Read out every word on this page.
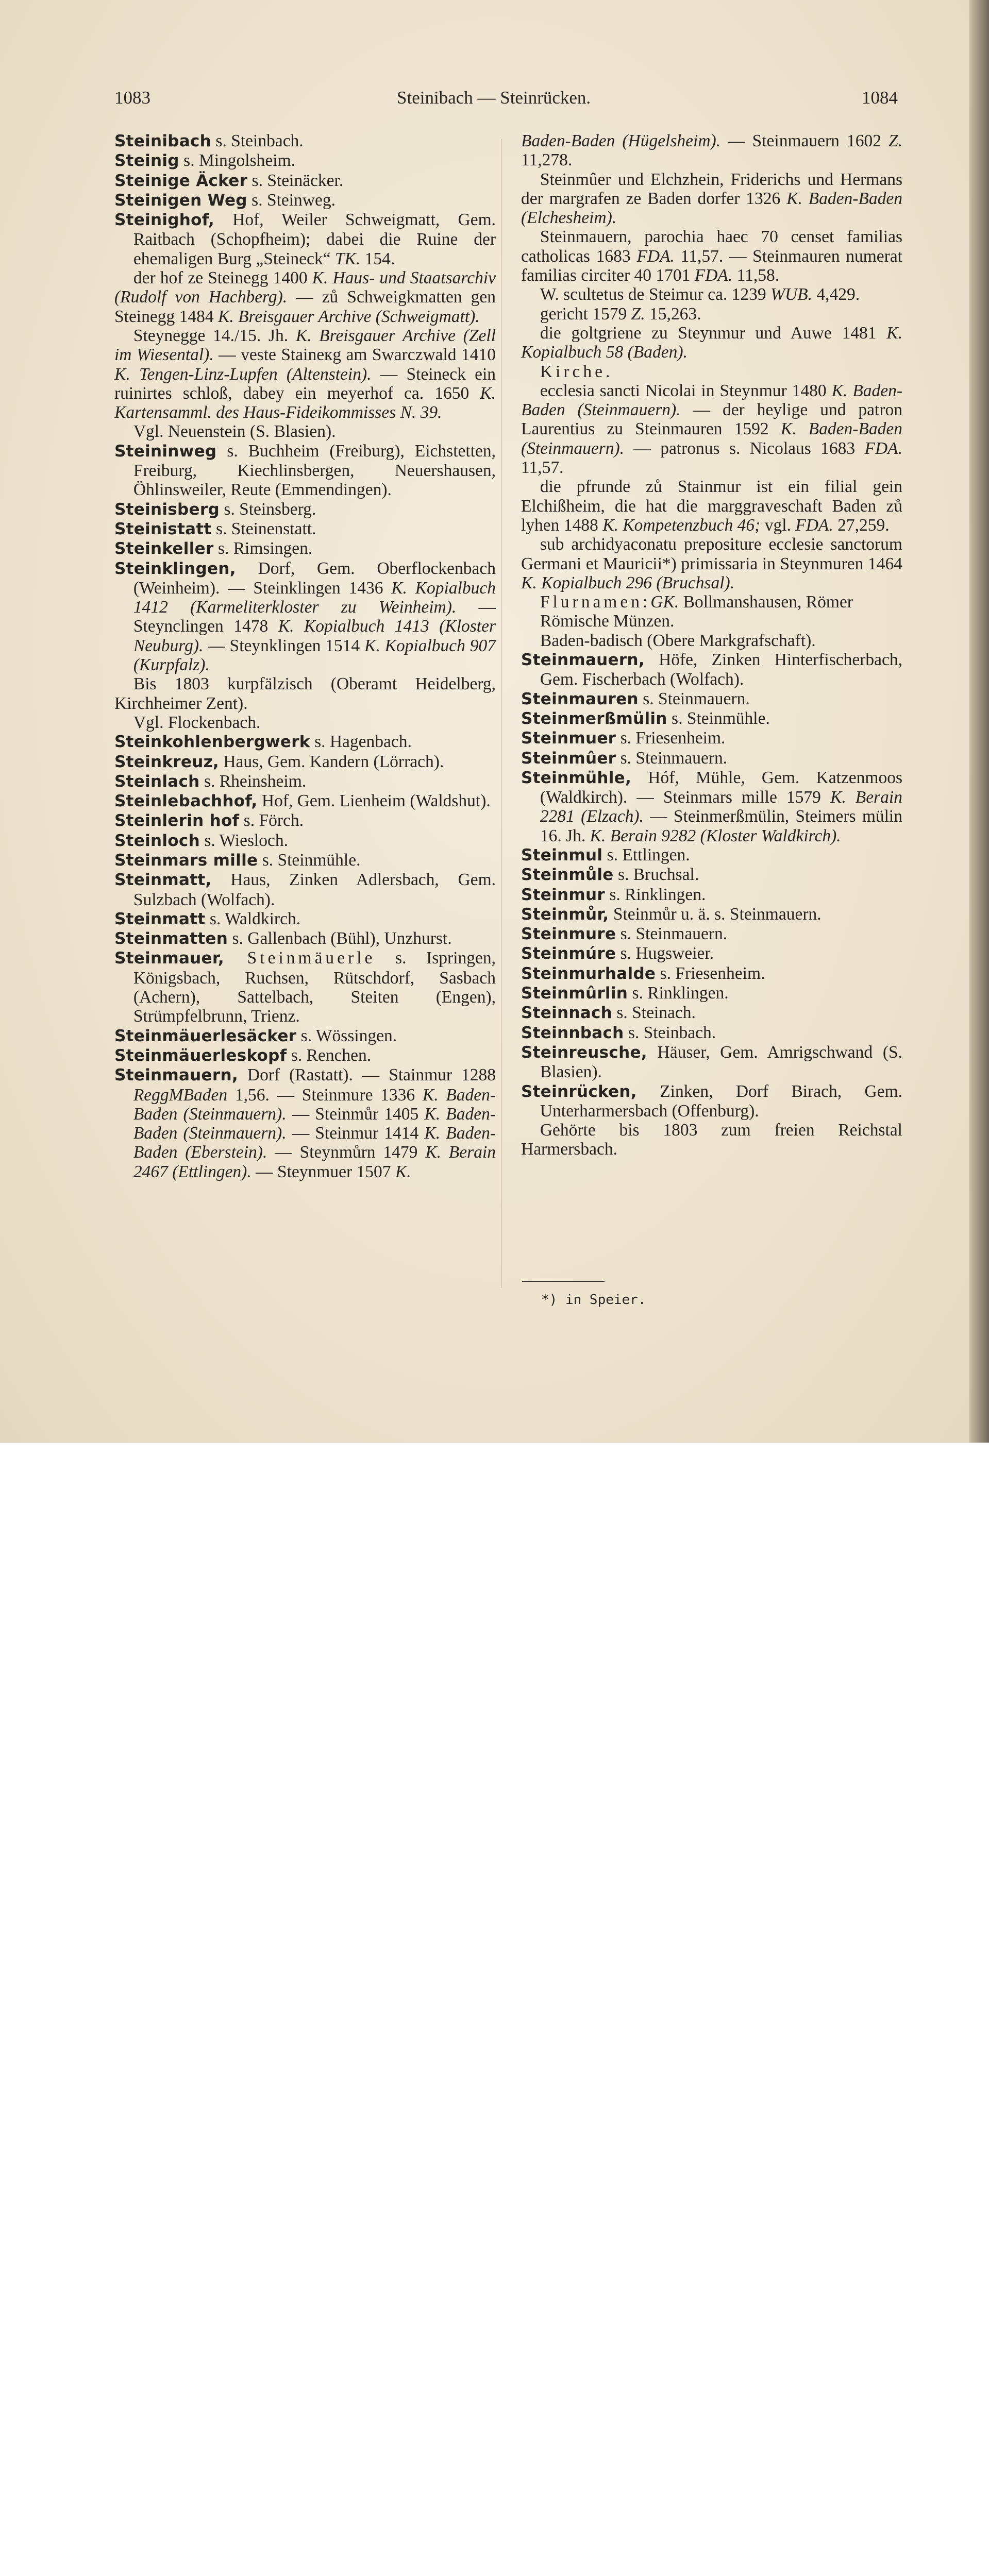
1083	Steinibach — Steinrücken.	1084

Steinibach s. Steinbach.

Steinig s. Mingolsheim.

Steinige Äcker s. Steinäcker.

Steinigen Weg s. Steinweg.

Steinighof, Hof, Weiler Schweigmatt, Gem. Raitbach (Schopfheim); dabei die Ruine der ehemaligen Burg „Steineck“ TK. 154.

der hof ze Steinegg 1400 K. Haus- und Staatsarchiv (Rudolf von Hachberg). — zů Schweigkmatten gen Steinegg 1484 K. Breisgauer Archive (Schweigmatt).

Steynegge 14./15. Jh. K. Breisgauer Archive (Zell im Wiesental). — veste Staineкg am Swarczwald 1410 K. Tengen-Linz-Lupfen (Altenstein). — Steineck ein ruinirtes schloß, dabey ein meyerhof ca. 1650 K. Kartensamml. des Haus-Fideikommisses N. 39.

Vgl. Neuenstein (S. Blasien).

Steininweg s. Buchheim (Freiburg), Eichstetten, Freiburg, Kiechlinsbergen, Neuershausen, Öhlinsweiler, Reute (Emmendingen).

Steinisberg s. Steinsberg.

Steinistatt s. Steinenstatt.

Steinkeller s. Rimsingen.

Steinklingen, Dorf, Gem. Oberflockenbach (Weinheim). — Steinklingen 1436 K. Kopialbuch 1412 (Karmeliterkloster zu Weinheim). — Steynclingen 1478 K. Kopialbuch 1413 (Kloster Neuburg). — Steynklingen 1514 K. Kopialbuch 907 (Kurpfalz).

Bis 1803 kurpfälzisch (Oberamt Heidelberg, Kirchheimer Zent).

Vgl. Flockenbach.

Steinkohlenbergwerk s. Hagenbach.

Steinkreuz, Haus, Gem. Kandern (Lörrach).

Steinlach s. Rheinsheim.

Steinlebachhof, Hof, Gem. Lienheim (Waldshut).

Steinlerin hof s. Förch.

Steinloch s. Wiesloch.

Steinmars mille s. Steinmühle.

Steinmatt, Haus, Zinken Adlersbach, Gem. Sulzbach (Wolfach).

Steinmatt s. Waldkirch.

Steinmatten s. Gallenbach (Bühl), Unzhurst.

Steinmauer, Steinmäuerle s. Ispringen, Königsbach, Ruchsen, Rütschdorf, Sasbach (Achern), Sattelbach, Steiten (Engen), Strümpfelbrunn, Trienz.

Steinmäuerlesäcker s. Wössingen.

Steinmäuerleskopf s. Renchen.

Steinmauern, Dorf (Rastatt). — Stainmur 1288 ReggMBaden 1,56. — Steinmure 1336 K. Baden-Baden (Steinmauern). — Steinmůr 1405 K. Baden-Baden (Steinmauern). — Steinmur 1414 K. Baden-Baden (Eberstein). — Steynmůrn 1479 K. Berain 2467 (Ettlingen). — Steynmuer 1507 K.

Baden-Baden (Hügelsheim). — Steinmauern 1602 Z. 11,278.

Steinmûer und Elchzhein, Friderichs und Hermans der margrafen ze Baden dorfer 1326 K. Baden-Baden (Elchesheim).

Steinmauern, parochia haec 70 censet familias catholicas 1683 FDA. 11,57. — Steinmauren numerat familias circiter 40 1701 FDA. 11,58.

W. scultetus de Steimur ca. 1239 WUB. 4,429.

gericht 1579 Z. 15,263.

die goltgriene zu Steynmur und Auwe 1481 K. Kopialbuch 58 (Baden).

Kirche.

ecclesia sancti Nicolai in Steynmur 1480 K. Baden-Baden (Steinmauern). — der heylige und patron Laurentius zu Steinmauren 1592 K. Baden-Baden (Steinmauern). — patronus s. Nicolaus 1683 FDA. 11,57.

die pfrunde zů Stainmur ist ein filial gein Elchißheim, die hat die marggraveschaft Baden zů lyhen 1488 K. Kompetenzbuch 46; vgl. FDA. 27,259.

sub archidyaconatu prepositure ecclesie sanctorum Germani et Mauricii*) primissaria in Steynmuren 1464 K. Kopialbuch 296 (Bruchsal).

Flurnamen:GK. Bollmanshausen, Römer

Römische Münzen.

Baden-badisch (Obere Markgrafschaft).

Steinmauern, Höfe, Zinken Hinterfischerbach, Gem. Fischerbach (Wolfach).

Steinmauren s. Steinmauern.

Steinmerßmülin s. Steinmühle.

Steinmuer s. Friesenheim.

Steinmûer s. Steinmauern.

Steinmühle, Hóf, Mühle, Gem. Katzenmoos (Waldkirch). — Steinmars mille 1579 K. Berain 2281 (Elzach). — Steinmerßmülin, Steimers mülin 16. Jh. K. Berain 9282 (Kloster Waldkirch).

Steinmul s. Ettlingen.

Steinmůle s. Bruchsal.

Steinmur s. Rinklingen.

Steinmůr, Steinmůr u. ä. s. Steinmauern.

Steinmure s. Steinmauern.

Steinmúre s. Hugsweier.

Steinmurhalde s. Friesenheim.

Steinmûrlin s. Rinklingen.

Steinnach s. Steinach.

Steinnbach s. Steinbach.

Steinreusche, Häuser, Gem. Amrigschwand (S. Blasien).

Steinrücken, Zinken, Dorf Birach, Gem. Unterharmersbach (Offenburg).

Gehörte bis 1803 zum freien Reichstal Harmersbach.

*) in Speier.
